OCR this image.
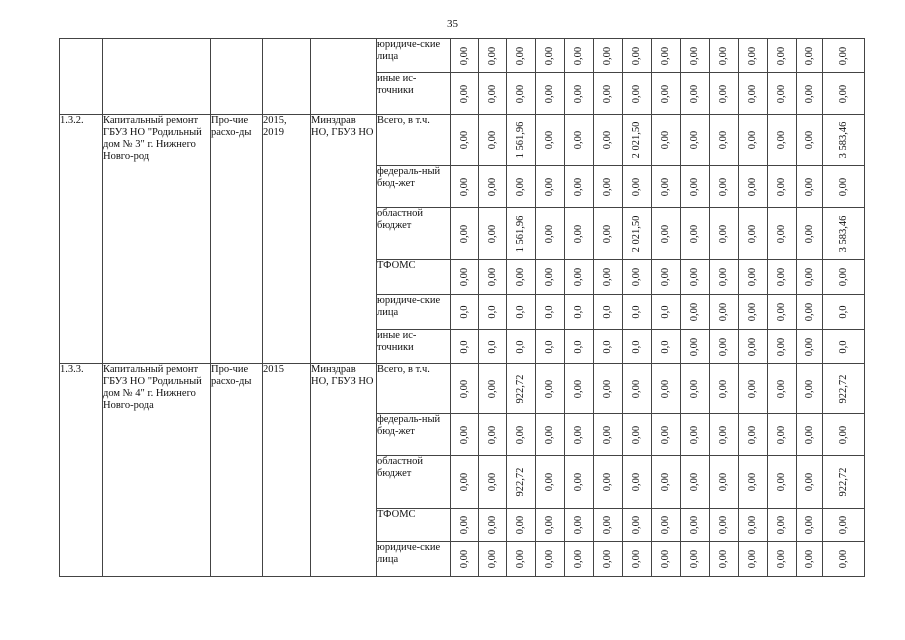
35
					юридиче-ские лица	0,00	0,00	0,00	0,00	0,00	0,00	0,00	0,00	0,00	0,00	0,00	0,00	0,00	0,00

					иные ис-точники	0,00	0,00	0,00	0,00	0,00	0,00	0,00	0,00	0,00	0,00	0,00	0,00	0,00	0,00

1.3.2.	Капитальный ремонт ГБУЗ НО "Родильный дом № 3" г. Нижнего Новго-род	Про-чие расхо-ды	2015, 2019	Минздрав НО, ГБУЗ НО	Всего, в т.ч.	0,00	0,00	1 561,96	0,00	0,00	0,00	2 021,50	0,00	0,00	0,00	0,00	0,00	0,00	3 583,46

					федераль-ный бюд-жет	0,00	0,00	0,00	0,00	0,00	0,00	0,00	0,00	0,00	0,00	0,00	0,00	0,00	0,00

					областной бюджет	0,00	0,00	1 561,96	0,00	0,00	0,00	2 021,50	0,00	0,00	0,00	0,00	0,00	0,00	3 583,46

					ТФОМС	0,00	0,00	0,00	0,00	0,00	0,00	0,00	0,00	0,00	0,00	0,00	0,00	0,00	0,00

					юридиче-ские лица	0,0	0,0	0,0	0,0	0,0	0,0	0,0	0,0	0,00	0,00	0,00	0,00	0,00	0,0

					иные ис-точники	0,0	0,0	0,0	0,0	0,0	0,0	0,0	0,0	0,00	0,00	0,00	0,00	0,00	0,0

1.3.3.	Капитальный ремонт ГБУЗ НО "Родильный дом № 4" г. Нижнего Новго-рода	Про-чие расхо-ды	2015	Минздрав НО, ГБУЗ НО	Всего, в т.ч.	0,00	0,00	922,72	0,00	0,00	0,00	0,00	0,00	0,00	0,00	0,00	0,00	0,00	922,72

					федераль-ный бюд-жет	0,00	0,00	0,00	0,00	0,00	0,00	0,00	0,00	0,00	0,00	0,00	0,00	0,00	0,00

					областной бюджет	0,00	0,00	922,72	0,00	0,00	0,00	0,00	0,00	0,00	0,00	0,00	0,00	0,00	922,72

					ТФОМС	0,00	0,00	0,00	0,00	0,00	0,00	0,00	0,00	0,00	0,00	0,00	0,00	0,00	0,00

					юридиче-ские лица	0,00	0,00	0,00	0,00	0,00	0,00	0,00	0,00	0,00	0,00	0,00	0,00	0,00	0,00
